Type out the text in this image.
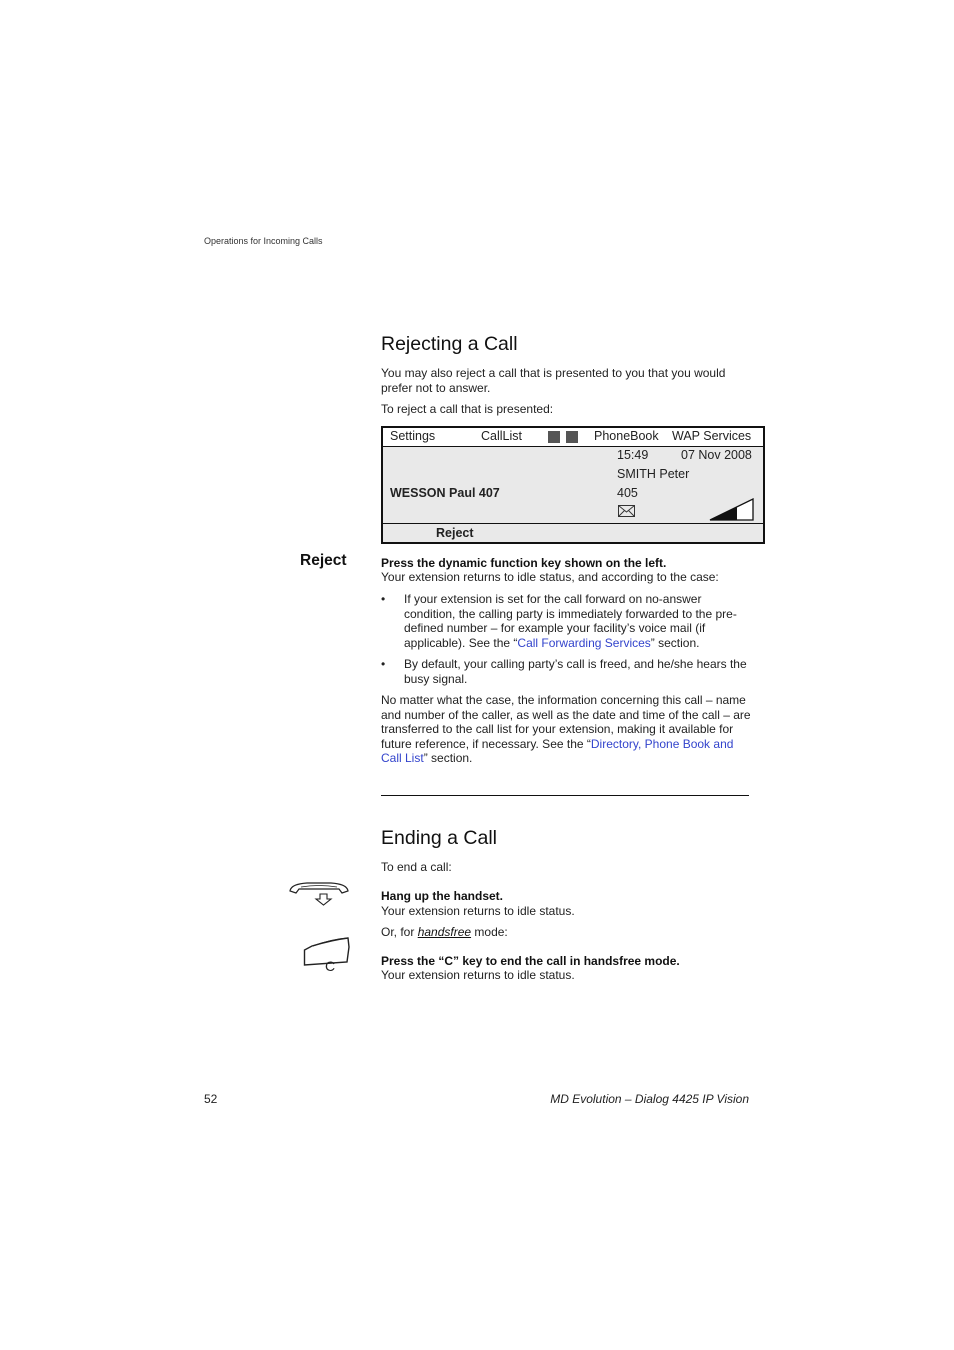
Operations for Incoming Calls
Rejecting a Call
You may also reject a call that is presented to you that you would prefer not to answer.
To reject a call that is presented:
Settings	CallList	PhoneBook WAP Services
15:49	07 Nov 2008
SMITH Peter
WESSON Paul 407	405
Reject
Reject	Press the dynamic function key shown on the left.
Your extension returns to idle status, and according to the case:
• If your extension is set for the call forward on no-answer condition, the calling party is immediately forwarded to the pre-defined number – for example your facility’s voice mail (if applicable). See the “Call Forwarding Services” section.
• By default, your calling party’s call is freed, and he/she hears the busy signal.
No matter what the case, the information concerning this call – name and number of the caller, as well as the date and time of the call – are transferred to the call list for your extension, making it available for future reference, if necessary. See the “Directory, Phone Book and Call List” section.
Ending a Call
To end a call:
Hang up the handset.
Your extension returns to idle status.
Or, for handsfree mode:
C	Press the “C” key to end the call in handsfree mode.
Your extension returns to idle status.
52	MD Evolution – Dialog 4425 IP Vision
